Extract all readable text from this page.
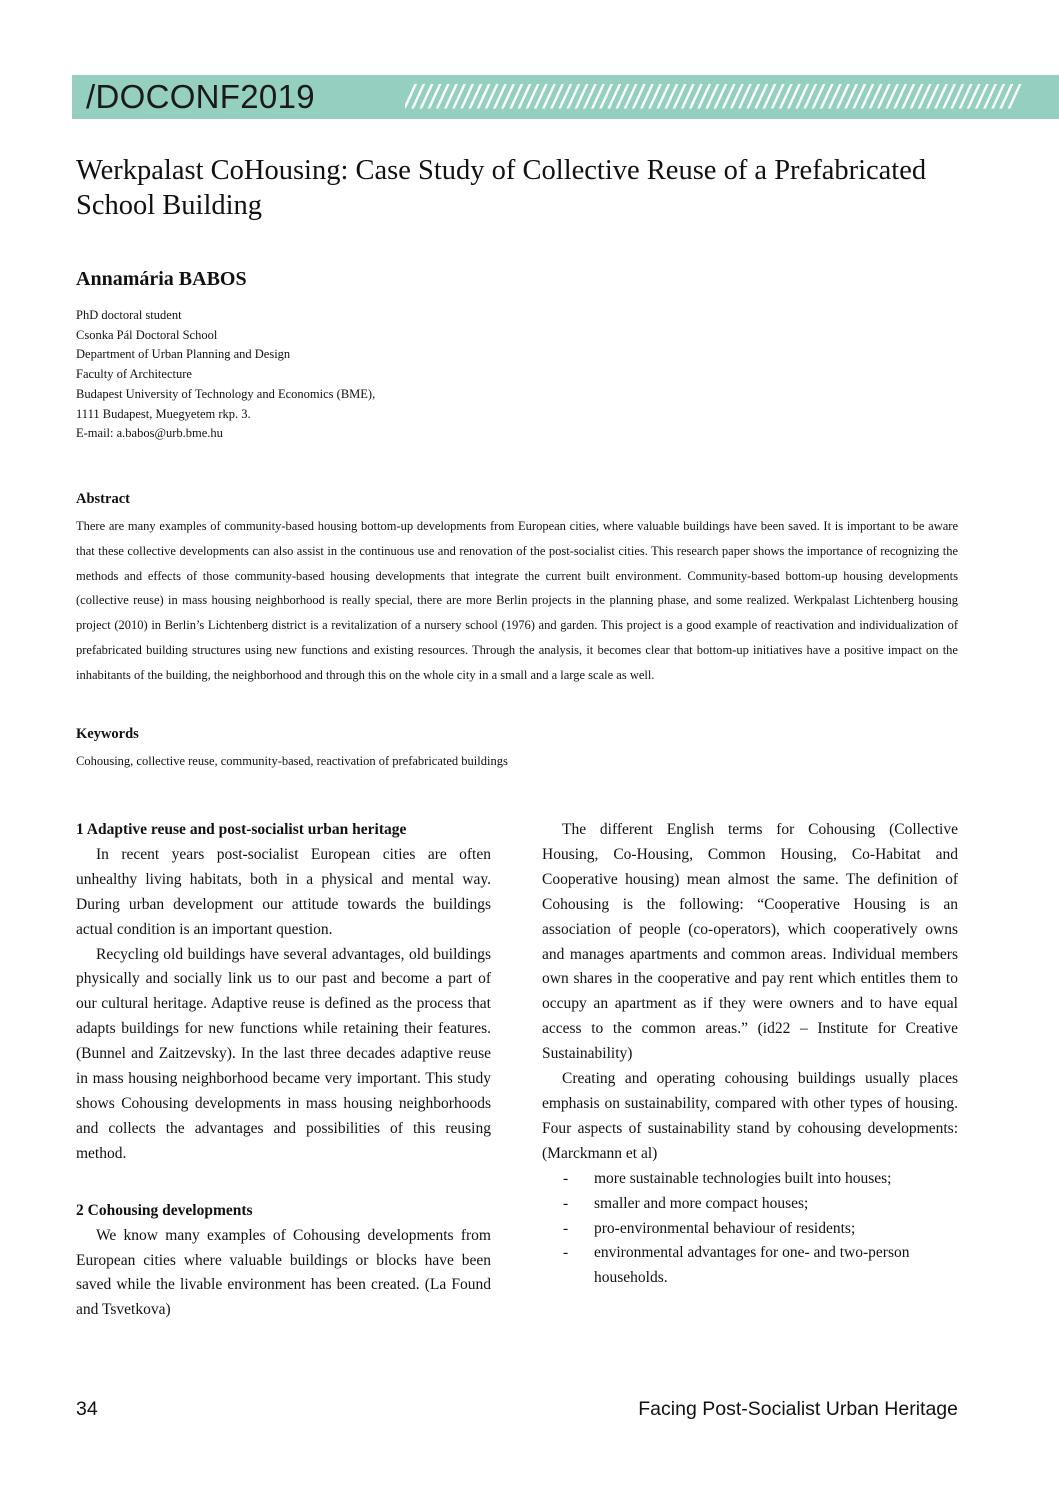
/DOCONF2019	///////////////////////////////////////////////////////////////////////////
Werkpalast CoHousing: Case Study of Collective Reuse of a Prefabricated School Building
Annamária BABOS
PhD doctoral student
Csonka Pál Doctoral School
Department of Urban Planning and Design
Faculty of Architecture
Budapest University of Technology and Economics (BME),
1111 Budapest, Muegyetem rkp. 3.
E-mail: a.babos@urb.bme.hu
Abstract

There are many examples of community-based housing bottom-up developments from European cities, where valuable buildings have been saved. It is important to be aware that these collective developments can also assist in the continuous use and renovation of the post-socialist cities. This research paper shows the importance of recognizing the methods and effects of those community-based housing developments that integrate the current built environment. Community-based bottom-up housing developments (collective reuse) in mass housing neighborhood is really special, there are more Berlin projects in the planning phase, and some realized. Werkpalast Lichtenberg housing project (2010) in Berlin’s Lichtenberg district is a revitalization of a nursery school (1976) and garden. This project is a good example of reactivation and individualization of prefabricated building structures using new functions and existing resources. Through the analysis, it becomes clear that bottom-up initiatives have a positive impact on the inhabitants of the building, the neighborhood and through this on the whole city in a small and a large scale as well.

Keywords
Cohousing, collective reuse, community-based, reactivation of prefabricated buildings
1 Adaptive reuse and post-socialist urban heritage

In recent years post-socialist European cities are often unhealthy living habitats, both in a physical and mental way. During urban development our attitude towards the buildings actual condition is an important question.

Recycling old buildings have several advantages, old buildings physically and socially link us to our past and become a part of our cultural heritage. Adaptive reuse is defined as the process that adapts buildings for new functions while retaining their features. (Bunnel and Zaitzevsky). In the last three decades adaptive reuse in mass housing neighborhood became very important. This study shows Cohousing developments in mass housing neighborhoods and collects the advantages and possibilities of this reusing method.

2 Cohousing developments

We know many examples of Cohousing developments from European cities where valuable buildings or blocks have been saved while the livable environment has been created. (La Found and Tsvetkova)

The different English terms for Cohousing (Collective Housing, Co-Housing, Common Housing, Co-Habitat and Cooperative housing) mean almost the same. The definition of Cohousing is the following: “Cooperative Housing is an association of people (co-operators), which cooperatively owns and manages apartments and common areas. Individual members own shares in the cooperative and pay rent which entitles them to occupy an apartment as if they were owners and to have equal access to the common areas.” (id22 – Institute for Creative Sustainability)

Creating and operating cohousing buildings usually places emphasis on sustainability, compared with other types of housing. Four aspects of sustainability stand by cohousing developments: (Marckmann et al)

- more sustainable technologies built into houses;
- smaller and more compact houses;
- pro-environmental behaviour of residents;
- environmental advantages for one- and two-person households.
34	Facing Post-Socialist Urban Heritage
